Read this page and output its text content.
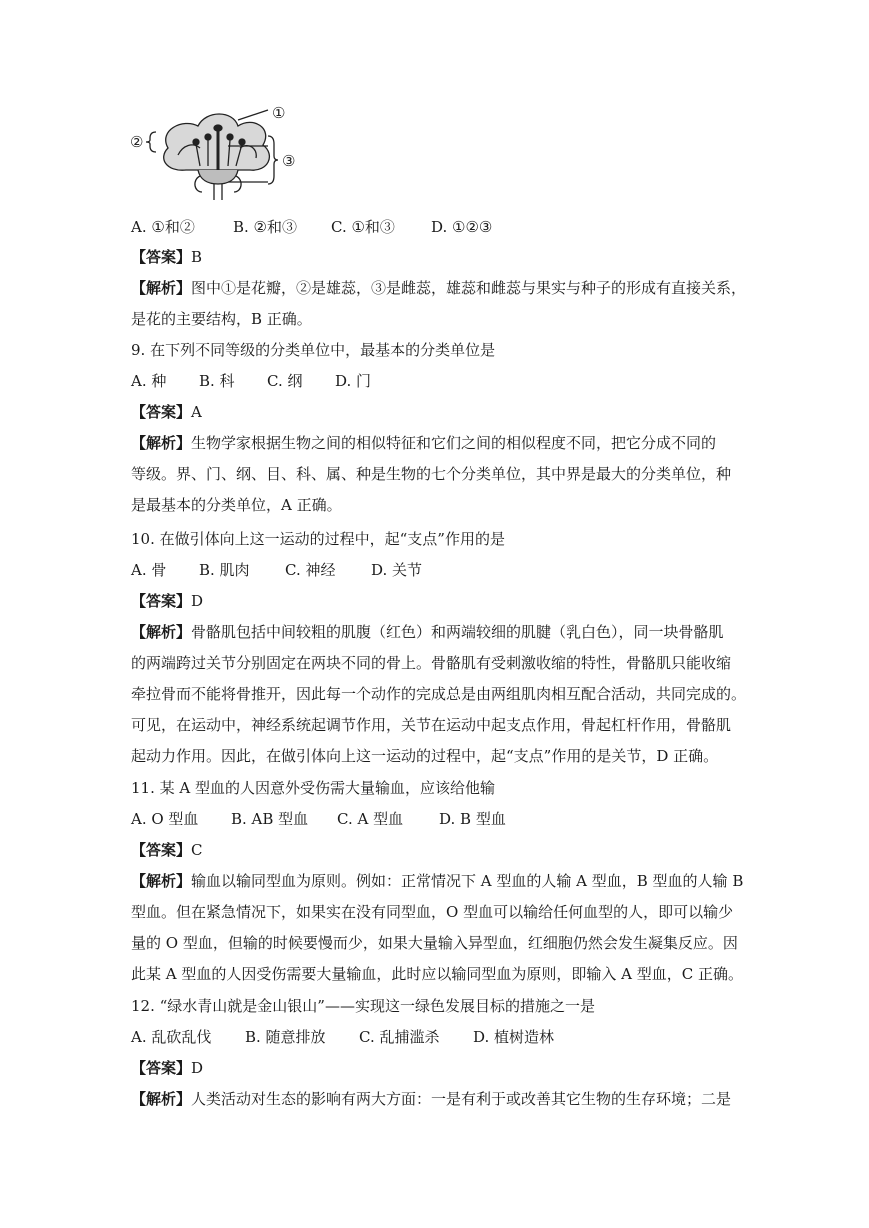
①
②
③
A. ①和②	B. ②和③ C. ①和③ D. ①②③
【答案】B
【解析】图中①是花瓣，②是雄蕊，③是雌蕊，雄蕊和雌蕊与果实与种子的形成有直接关系，
是花的主要结构，B 正确。
9. 在下列不同等级的分类单位中，最基本的分类单位是
A. 种 B. 科 C. 纲 D. 门
【答案】A
【解析】生物学家根据生物之间的相似特征和它们之间的相似程度不同，把它分成不同的
等级。界、门、纲、目、科、属、种是生物的七个分类单位，其中界是最大的分类单位，种
是最基本的分类单位，A 正确。
10. 在做引体向上这一运动的过程中，起“支点”作用的是
A. 骨 B. 肌肉 C. 神经 D. 关节
【答案】D
【解析】骨骼肌包括中间较粗的肌腹（红色）和两端较细的肌腱（乳白色），同一块骨骼肌
的两端跨过关节分别固定在两块不同的骨上。骨骼肌有受刺激收缩的特性，骨骼肌只能收缩
牵拉骨而不能将骨推开，因此每一个动作的完成总是由两组肌肉相互配合活动，共同完成的。
可见，在运动中，神经系统起调节作用，关节在运动中起支点作用，骨起杠杆作用，骨骼肌
起动力作用。因此，在做引体向上这一运动的过程中，起“支点”作用的是关节，D 正确。
11. 某 A 型血的人因意外受伤需大量输血，应该给他输
A. O 型血 B. AB 型血 C. A 型血 D. B 型血
【答案】C
【解析】输血以输同型血为原则。例如：正常情况下 A 型血的人输 A 型血，B 型血的人输 B
型血。但在紧急情况下，如果实在没有同型血，O 型血可以输给任何血型的人，即可以输少
量的 O 型血，但输的时候要慢而少，如果大量输入异型血，红细胞仍然会发生凝集反应。因
此某 A 型血的人因受伤需要大量输血，此时应以输同型血为原则，即输入 A 型血，C 正确。
12. “绿水青山就是金山银山”——实现这一绿色发展目标的措施之一是
A. 乱砍乱伐 B. 随意排放 C. 乱捕滥杀 D. 植树造林
【答案】D
【解析】人类活动对生态的影响有两大方面：一是有利于或改善其它生物的生存环境；二是
